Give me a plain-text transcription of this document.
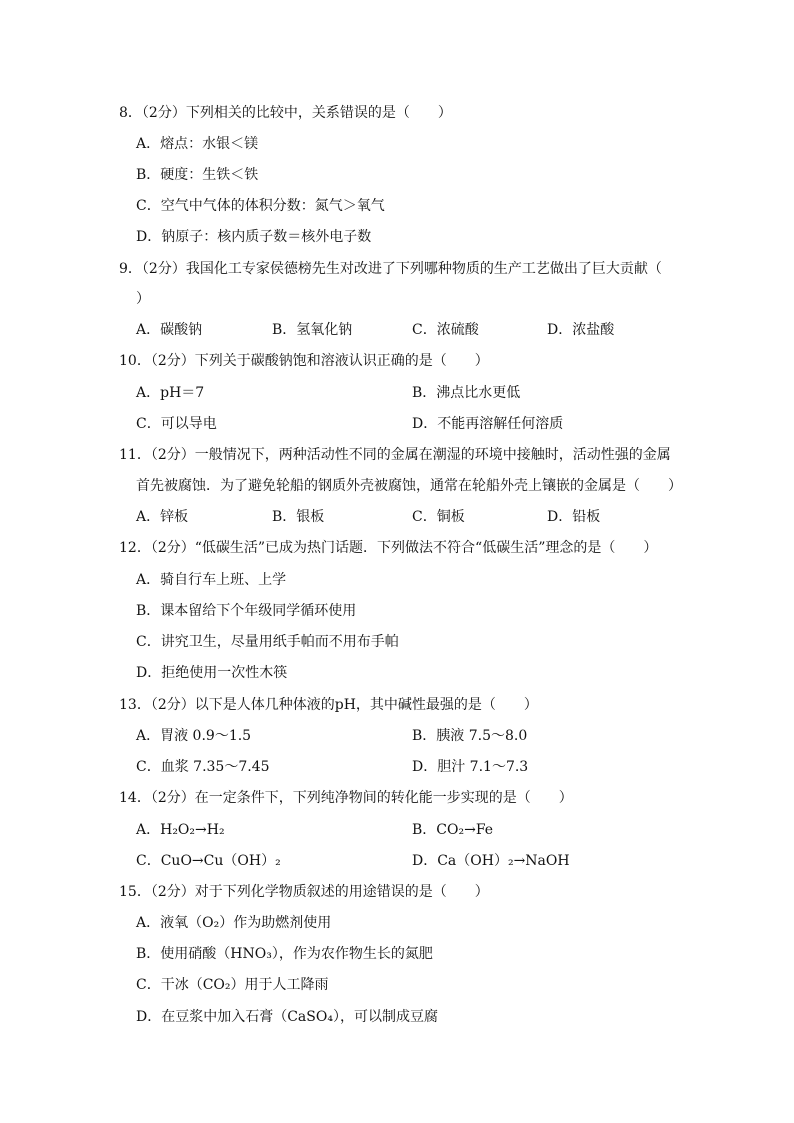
8．（2分）下列相关的比较中，关系错误的是（　　）
A．熔点：水银＜镁
B．硬度：生铁＜铁
C．空气中气体的体积分数：氮气＞氧气
D．钠原子：核内质子数＝核外电子数
9．（2分）我国化工专家侯德榜先生对改进了下列哪种物质的生产工艺做出了巨大贡献（
）
A．碳酸钠	B．氢氧化钠	C．浓硫酸	D．浓盐酸
10．（2分）下列关于碳酸钠饱和溶液认识正确的是（　　）
A．pH＝7	B．沸点比水更低
C．可以导电	D．不能再溶解任何溶质
11．（2分）一般情况下，两种活动性不同的金属在潮湿的环境中接触时，活动性强的金属
首先被腐蚀．为了避免轮船的钢质外壳被腐蚀，通常在轮船外壳上镶嵌的金属是（　　）
A．锌板	B．银板	C．铜板	D．铅板
12．（2分）“低碳生活”已成为热门话题．下列做法不符合“低碳生活”理念的是（　　）
A．骑自行车上班、上学
B．课本留给下个年级同学循环使用
C．讲究卫生，尽量用纸手帕而不用布手帕
D．拒绝使用一次性木筷
13．（2分）以下是人体几种体液的pH，其中碱性最强的是（　　）
A．胃液 0.9～1.5	B．胰液 7.5～8.0
C．血浆 7.35～7.45	D．胆汁 7.1～7.3
14．（2分）在一定条件下，下列纯净物间的转化能一步实现的是（　　）
A．H₂O₂→H₂	B．CO₂→Fe
C．CuO→Cu（OH）₂	D．Ca（OH）₂→NaOH
15．（2分）对于下列化学物质叙述的用途错误的是（　　）
A．液氧（O₂）作为助燃剂使用
B．使用硝酸（HNO₃），作为农作物生长的氮肥
C．干冰（CO₂）用于人工降雨
D．在豆浆中加入石膏（CaSO₄），可以制成豆腐
